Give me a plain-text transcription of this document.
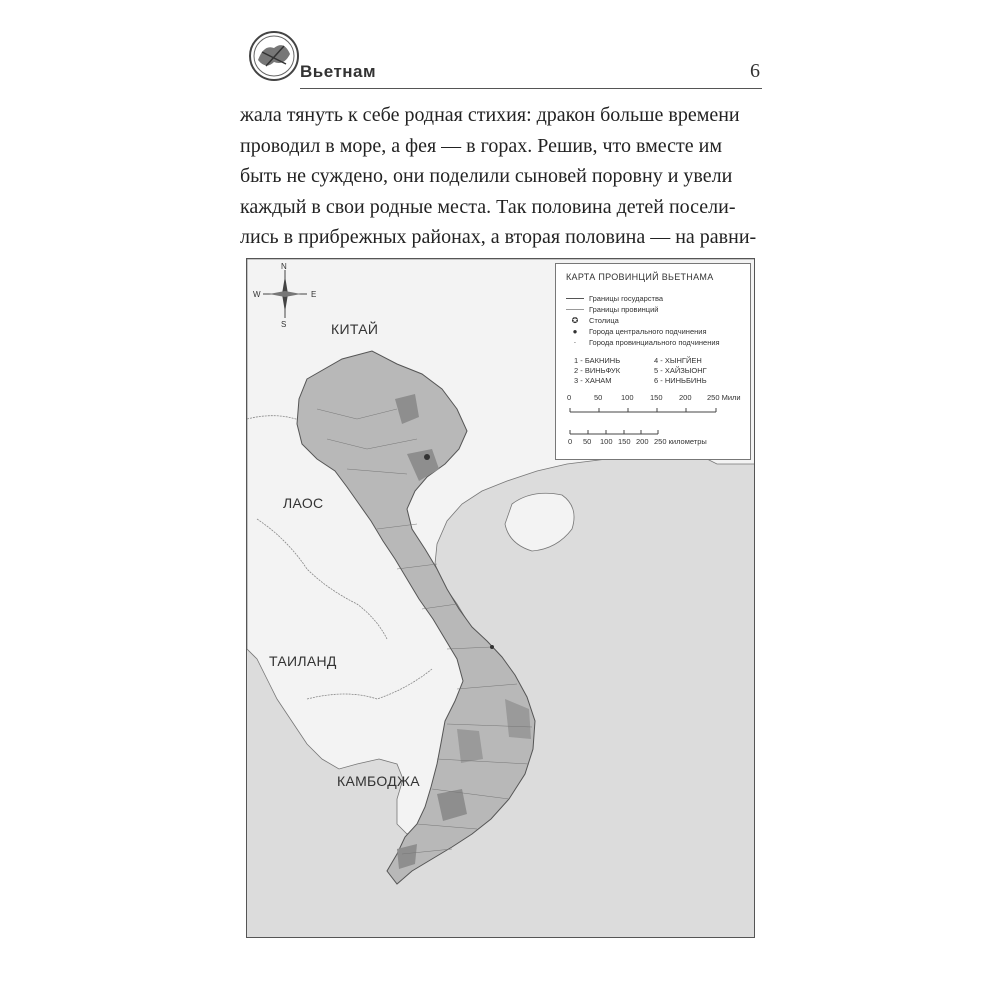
Вьетнам	6
жала тянуть к себе родная стихия: дракон больше времени
проводил в море, а фея — в горах. Решив, что вместе им
быть не суждено, они поделили сыновей поровну и увели
каждый в свои родные места. Так половина детей посели-
лись в прибрежных районах, а вторая половина — на равни-
N
S
W	E
КИТАЙ
ЛАОС
ТАИЛАНД
КАМБОДЖА
КАРТА ПРОВИНЦИЙ ВЬЕТНАМА
Границы государства
Границы провинций
✪	Столица
●	Города центрального подчинения
·	Города провинциального подчинения
1 - БАКНИНЬ
2 - ВИНЬФУК
3 - ХАНАМ
4 - ХЫНГЙЕН
5 - ХАЙЗЫОНГ
6 - НИНЬБИНЬ
0	50 100 150 200 250 Мили
0 50 100 150 200 250 километры
